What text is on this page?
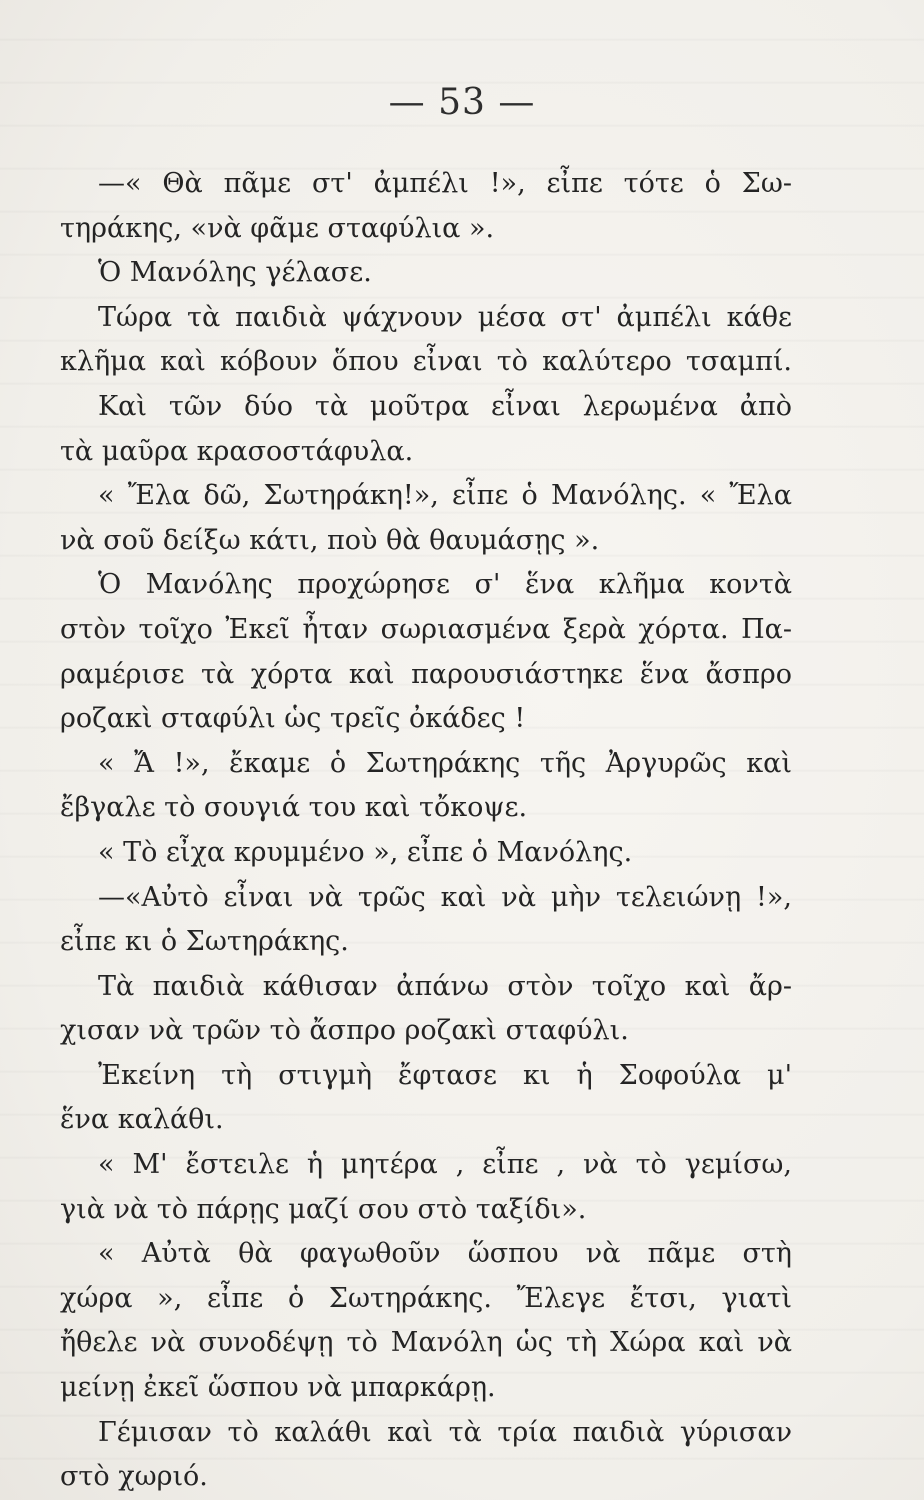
— 53 —
—« Θὰ πᾶμε στ' ἀμπέλι !», εἶπε τότε ὁ Σω-
τηράκης, «νὰ φᾶμε σταφύλια ».
Ὁ Μανόλης γέλασε.
Τώρα τὰ παιδιὰ ψάχνουν μέσα στ' ἀμπέλι κάθε
κλῆμα καὶ κόβουν ὅπου εἶναι τὸ καλύτερο τσαμπί.
Καὶ τῶν δύο τὰ μοῦτρα εἶναι λερωμένα ἀπὸ
τὰ μαῦρα κρασοστάφυλα.
« Ἔλα δῶ, Σωτηράκη!», εἶπε ὁ Μανόλης. « Ἔλα
νὰ σοῦ δείξω κάτι, ποὺ θὰ θαυμάσῃς ».
Ὁ Μανόλης προχώρησε σ' ἕνα κλῆμα κοντὰ
στὸν τοῖχο Ἐκεῖ ἦταν σωριασμένα ξερὰ χόρτα. Πα-
ραμέρισε τὰ χόρτα καὶ παρουσιάστηκε ἕνα ἄσπρο
ροζακὶ σταφύλι ὡς τρεῖς ὀκάδες !
« Ἄ !», ἔκαμε ὁ Σωτηράκης τῆς Ἀργυρῶς καὶ
ἔβγαλε τὸ σουγιά του καὶ τὄκοψε.
« Τὸ εἶχα κρυμμένο », εἶπε ὁ Μανόλης.
—«Αὐτὸ εἶναι νὰ τρῶς καὶ νὰ μὴν τελειώνῃ !»,
εἶπε κι ὁ Σωτηράκης.
Τὰ παιδιὰ κάθισαν ἀπάνω στὸν τοῖχο καὶ ἄρ-
χισαν νὰ τρῶν τὸ ἄσπρο ροζακὶ σταφύλι.
Ἐκείνη τὴ στιγμὴ ἔφτασε κι ἡ Σοφούλα μ'
ἕνα καλάθι.
« Μ' ἔστειλε ἡ μητέρα , εἶπε , νὰ τὸ γεμίσω,
γιὰ νὰ τὸ πάρῃς μαζί σου στὸ ταξίδι».
« Αὐτὰ θὰ φαγωθοῦν ὥσπου νὰ πᾶμε στὴ
χώρα », εἶπε ὁ Σωτηράκης. Ἔλεγε ἔτσι, γιατὶ
ἤθελε νὰ συνοδέψῃ τὸ Μανόλη ὡς τὴ Χώρα καὶ νὰ
μείνῃ ἐκεῖ ὥσπου νὰ μπαρκάρῃ.
Γέμισαν τὸ καλάθι καὶ τὰ τρία παιδιὰ γύρισαν
στὸ χωριό.
